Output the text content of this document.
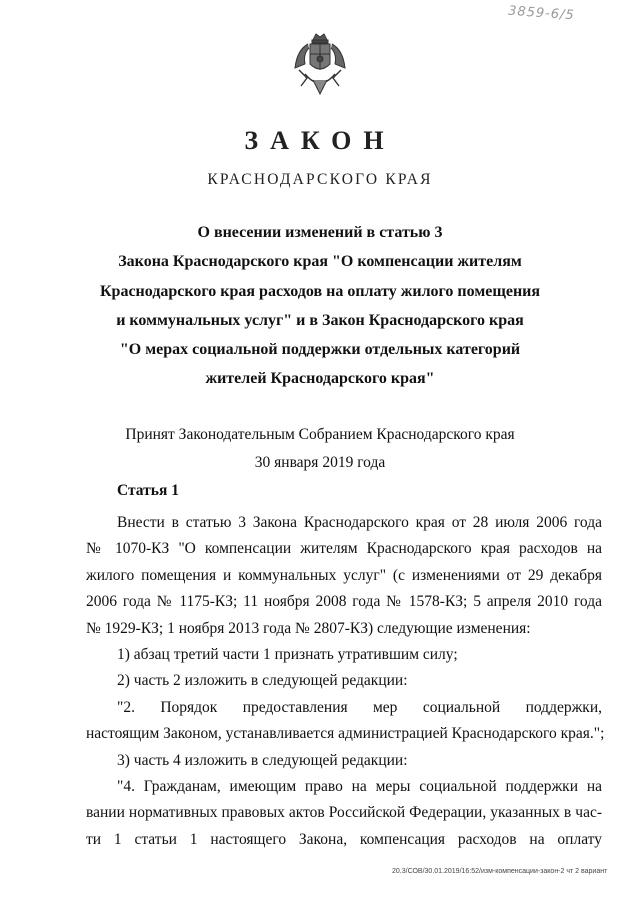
3859-6/5
ЗАКОН
КРАСНОДАРСКОГО КРАЯ
О внесении изменений в статью 3
Закона Краснодарского края "О компенсации жителям
Краснодарского края расходов на оплату жилого помещения
и коммунальных услуг" и в Закон Краснодарского края
"О мерах социальной поддержки отдельных категорий
жителей Краснодарского края"
Принят Законодательным Собранием Краснодарского края
30 января 2019 года
Статья 1
Внести в статью 3 Закона Краснодарского края от 28 июля 2006 года
№ 1070-КЗ "О компенсации жителям Краснодарского края расходов на
жилого помещения и коммунальных услуг" (с изменениями от 29 декабря
2006 года № 1175-КЗ; 11 ноября 2008 года № 1578-КЗ; 5 апреля 2010 года
№ 1929-КЗ; 1 ноября 2013 года № 2807-КЗ) следующие изменения:
1) абзац третий части 1 признать утратившим силу;
2) часть 2 изложить в следующей редакции:
"2. Порядок предоставления мер социальной поддержки,
настоящим Законом, устанавливается администрацией Краснодарского края.";
3) часть 4 изложить в следующей редакции:
"4. Гражданам, имеющим право на меры социальной поддержки на
вании нормативных правовых актов Российской Федерации, указанных в час-
ти 1 статьи 1 настоящего Закона, компенсация расходов на оплату
20.3/СОВ/30.01.2019/16:52/изм-компенсации-закон-2 чт 2 вариант
